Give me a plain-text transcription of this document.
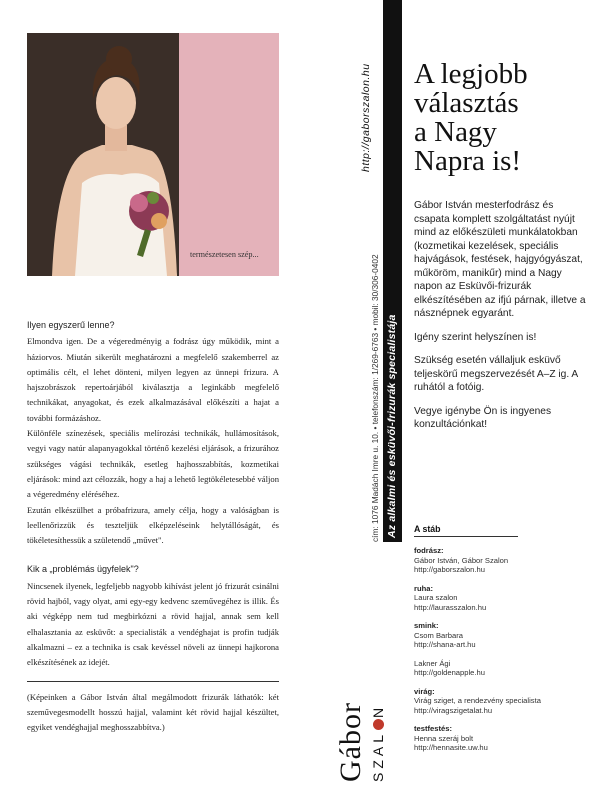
természetesen szép...
Ilyen egyszerű lenne?

Elmondva igen. De a végeredményig a fodrász úgy működik, mint a háziorvos. Miután sikerült meghatározni a megfelelő szakemberrel az optimális célt, el lehet dönteni, milyen legyen az ünnepi frizura. A hajszobrászok repertoárjából kiválasztja a leginkább megfelelő technikákat, anyagokat, és ezek alkalmazásával előkészíti a hajat a további formázáshoz.

Különféle színezések, speciális melírozási technikák, hullámosítások, vegyi vagy natúr alapanyagokkal történő kezelési eljárások, a frizurához szükséges vágási technikák, esetleg hajhosszabbítás, kozmetikai eljárások: mind azt célozzák, hogy a haj a lehető legtökéletesebbé váljon a végeredmény eléréséhez.

Ezután elkészülhet a próbafrizura, amely célja, hogy a valóságban is leellenőrizzük és teszteljük elképzeléseink helytállóságát, és tökéletesíthessük a születendő „művet".

Kik a „problémás ügyfelek"?

Nincsenek ilyenek, legfeljebb nagyobb kihívást jelent jó frizurát csinálni rövid hajból, vagy olyat, ami egy-egy kedvenc szeművegéhez is illik. És aki végképp nem tud megbirkózni a rövid hajjal, annak sem kell elhalasztania az esküvőt: a specialisták a vendéghajat is profin tudják alkalmazni – ez a technika is csak kevéssel növeli az ünnepi hajkorona elkészítésének az idejét.

(Képeinken a Gábor István által megálmodott frizurák láthatók: két szeművegesmodellt hosszú hajjal, valamint két rövid hajjal készültet, egyiket vendéghajjal meghosszabbítva.)	Gábor SZALN
cím: 1076 Madách Imre u. 10. • telefonszám: 1/269-6763 • mobil: 30/306-0402 Az alkalmi és esküvői-frizurák specialistája
http://gaborszalon.hu A legjobb
választás
a Nagy
Napra is!

Gábor István mesterfodrász és csapata komplett szolgáltatást nyújt mind az előkészületi munkálatokban (kozmetikai kezelések, speciális hajvágások, festések, hajgyógyászat, műköröm, manikűr) mind a Nagy napon az Esküvői-frizurák elkészítésében az ifjú párnak, illetve a násznépnek egyaránt.

Igény szerint helyszínen is!

Szükség esetén vállaljuk esküvő teljeskörű megszervezését A–Z ig. A ruhától a fotóig.

Vegye igénybe Ön is ingyenes konzultációnkat!

A stáb
fodrász:
Gábor István, Gábor Szalon
http://gaborszalon.hu
ruha:
Laura szalon
http://laurasszalon.hu
smink:
Csom Barbara
http://shana-art.hu
Lakner Ági
http://goldenapple.hu
virág:
Virág sziget, a rendezvény specialista
http://viragszigetalat.hu
testfestés:
Henna szeráj bolt
http://hennasite.uw.hu
